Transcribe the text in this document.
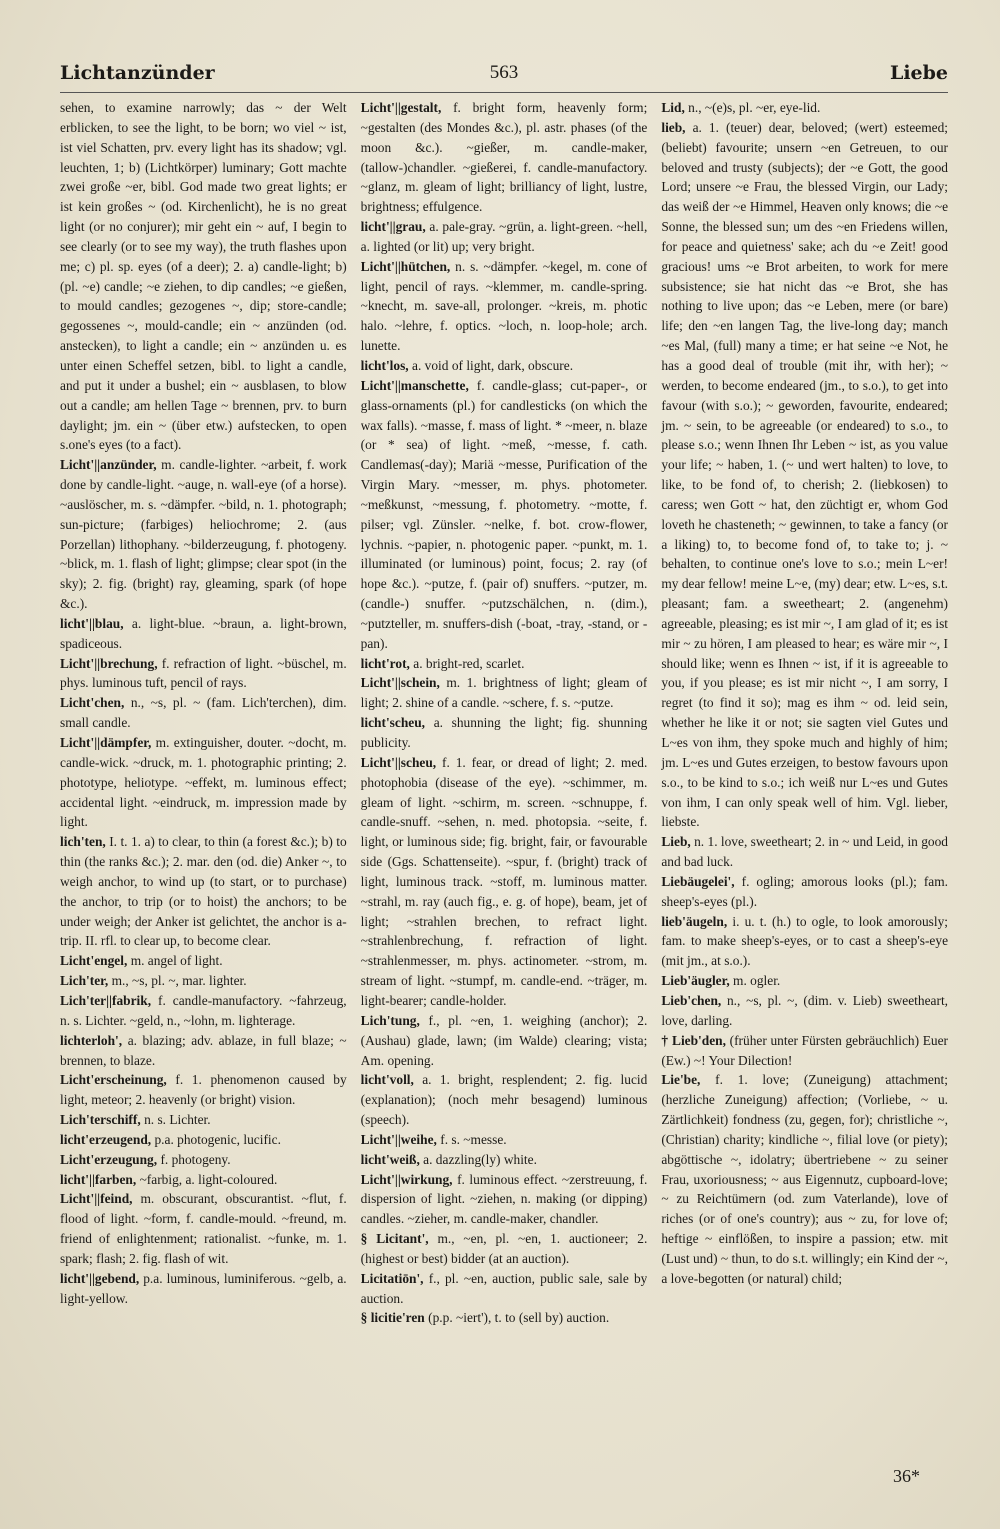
Lichtanzünder	563	Liebe

sehen, to examine narrowly; das ~ der Welt erblicken, to see the light, to be born; wo viel ~ ist, ist viel Schatten, prv. every light has its shadow; vgl. leuchten, 1; b) (Lichtkörper) luminary; Gott machte zwei große ~er, bibl. God made two great lights; er ist kein großes ~ (od. Kirchenlicht), he is no great light (or no conjurer); mir geht ein ~ auf, I begin to see clearly (or to see my way), the truth flashes upon me; c) pl. sp. eyes (of a deer); 2. a) candle-light; b) (pl. ~e) candle; ~e ziehen, to dip candles; ~e gießen, to mould candles; gezogenes ~, dip; store-candle; gegossenes ~, mould-candle; ein ~ anzünden (od. anstecken), to light a candle; ein ~ anzünden u. es unter einen Scheffel setzen, bibl. to light a candle, and put it under a bushel; ein ~ ausblasen, to blow out a candle; am hellen Tage ~ brennen, prv. to burn daylight; jm. ein ~ (über etw.) aufstecken, to open s.one's eyes (to a fact).

Licht'||anzünder, m. candle-lighter. ~arbeit, f. work done by candle-light. ~auge, n. wall-eye (of a horse). ~auslöscher, m. s. ~dämpfer. ~bild, n. 1. photograph; sun-picture; (farbiges) heliochrome; 2. (aus Porzellan) lithophany. ~bilderzeugung, f. photogeny. ~blick, m. 1. flash of light; glimpse; clear spot (in the sky); 2. fig. (bright) ray, gleaming, spark (of hope &c.).

licht'||blau, a. light-blue. ~braun, a. light-brown, spadiceous.

Licht'||brechung, f. refraction of light. ~büschel, m. phys. luminous tuft, pencil of rays.

Licht'chen, n., ~s, pl. ~ (fam. Lich'terchen), dim. small candle.

Licht'||dämpfer, m. extinguisher, douter. ~docht, m. candle-wick. ~druck, m. 1. photographic printing; 2. phototype, heliotype. ~effekt, m. luminous effect; accidental light. ~eindruck, m. impression made by light.

lich'ten, I. t. 1. a) to clear, to thin (a forest &c.); b) to thin (the ranks &c.); 2. mar. den (od. die) Anker ~, to weigh anchor, to wind up (to start, or to purchase) the anchor, to trip (or to hoist) the anchors; to be under weigh; der Anker ist gelichtet, the anchor is a-trip. II. rfl. to clear up, to become clear.

Licht'engel, m. angel of light.

Lich'ter, m., ~s, pl. ~, mar. lighter.

Lich'ter||fabrik, f. candle-manufactory. ~fahrzeug, n. s. Lichter. ~geld, n., ~lohn, m. lighterage.

lichterloh', a. blazing; adv. ablaze, in full blaze; ~ brennen, to blaze.

Licht'erscheinung, f. 1. phenomenon caused by light, meteor; 2. heavenly (or bright) vision.

Lich'terschiff, n. s. Lichter.

licht'erzeugend, p.a. photogenic, lucific.

Licht'erzeugung, f. photogeny.

licht'||farben, ~farbig, a. light-coloured.

Licht'||feind, m. obscurant, obscurantist. ~flut, f. flood of light. ~form, f. candle-mould. ~freund, m. friend of enlightenment; rationalist. ~funke, m. 1. spark; flash; 2. fig. flash of wit.

licht'||gebend, p.a. luminous, luminiferous. ~gelb, a. light-yellow.

Licht'||gestalt, f. bright form, heavenly form; ~gestalten (des Mondes &c.), pl. astr. phases (of the moon &c.). ~gießer, m. candle-maker, (tallow-)chandler. ~gießerei, f. candle-manufactory. ~glanz, m. gleam of light; brilliancy of light, lustre, brightness; effulgence.

licht'||grau, a. pale-gray. ~grün, a. light-green. ~hell, a. lighted (or lit) up; very bright.

Licht'||hütchen, n. s. ~dämpfer. ~kegel, m. cone of light, pencil of rays. ~klemmer, m. candle-spring. ~knecht, m. save-all, prolonger. ~kreis, m. photic halo. ~lehre, f. optics. ~loch, n. loop-hole; arch. lunette.

licht'los, a. void of light, dark, obscure.

Licht'||manschette, f. candle-glass; cut-paper-, or glass-ornaments (pl.) for candlesticks (on which the wax falls). ~masse, f. mass of light. * ~meer, n. blaze (or * sea) of light. ~meß, ~messe, f. cath. Candlemas(-day); Mariä ~messe, Purification of the Virgin Mary. ~messer, m. phys. photometer. ~meßkunst, ~messung, f. photometry. ~motte, f. pilser; vgl. Zünsler. ~nelke, f. bot. crow-flower, lychnis. ~papier, n. photogenic paper. ~punkt, m. 1. illuminated (or luminous) point, focus; 2. ray (of hope &c.). ~putze, f. (pair of) snuffers. ~putzer, m. (candle-) snuffer. ~putzschälchen, n. (dim.), ~putzteller, m. snuffers-dish (-boat, -tray, -stand, or -pan).

licht'rot, a. bright-red, scarlet.

Licht'||schein, m. 1. brightness of light; gleam of light; 2. shine of a candle. ~schere, f. s. ~putze.

licht'scheu, a. shunning the light; fig. shunning publicity.

Licht'||scheu, f. 1. fear, or dread of light; 2. med. photophobia (disease of the eye). ~schimmer, m. gleam of light. ~schirm, m. screen. ~schnuppe, f. candle-snuff. ~sehen, n. med. photopsia. ~seite, f. light, or luminous side; fig. bright, fair, or favourable side (Ggs. Schattenseite). ~spur, f. (bright) track of light, luminous track. ~stoff, m. luminous matter. ~strahl, m. ray (auch fig., e. g. of hope), beam, jet of light; ~strahlen brechen, to refract light. ~strahlenbrechung, f. refraction of light. ~strahlenmesser, m. phys. actinometer. ~strom, m. stream of light. ~stumpf, m. candle-end. ~träger, m. light-bearer; candle-holder.

Lich'tung, f., pl. ~en, 1. weighing (anchor); 2. (Aushau) glade, lawn; (im Walde) clearing; vista; Am. opening.

licht'voll, a. 1. bright, resplendent; 2. fig. lucid (explanation); (noch mehr besagend) luminous (speech).

Licht'||weihe, f. s. ~messe.

licht'weiß, a. dazzling(ly) white.

Licht'||wirkung, f. luminous effect. ~zerstreuung, f. dispersion of light. ~ziehen, n. making (or dipping) candles. ~zieher, m. candle-maker, chandler.

§ Licitant', m., ~en, pl. ~en, 1. auctioneer; 2. (highest or best) bidder (at an auction).

Licitatiōn', f., pl. ~en, auction, public sale, sale by auction.

§ licitie'ren (p.p. ~iert'), t. to (sell by) auction.

Lid, n., ~(e)s, pl. ~er, eye-lid.

lieb, a. 1. (teuer) dear, beloved; (wert) esteemed; (beliebt) favourite; unsern ~en Getreuen, to our beloved and trusty (subjects); der ~e Gott, the good Lord; unsere ~e Frau, the blessed Virgin, our Lady; das weiß der ~e Himmel, Heaven only knows; die ~e Sonne, the blessed sun; um des ~en Friedens willen, for peace and quietness' sake; ach du ~e Zeit! good gracious! ums ~e Brot arbeiten, to work for mere subsistence; sie hat nicht das ~e Brot, she has nothing to live upon; das ~e Leben, mere (or bare) life; den ~en langen Tag, the live-long day; manch ~es Mal, (full) many a time; er hat seine ~e Not, he has a good deal of trouble (mit ihr, with her); ~ werden, to become endeared (jm., to s.o.), to get into favour (with s.o.); ~ geworden, favourite, endeared; jm. ~ sein, to be agreeable (or endeared) to s.o., to please s.o.; wenn Ihnen Ihr Leben ~ ist, as you value your life; ~ haben, 1. (~ und wert halten) to love, to like, to be fond of, to cherish; 2. (liebkosen) to caress; wen Gott ~ hat, den züchtigt er, whom God loveth he chasteneth; ~ gewinnen, to take a fancy (or a liking) to, to become fond of, to take to; j. ~ behalten, to continue one's love to s.o.; mein L~er! my dear fellow! meine L~e, (my) dear; etw. L~es, s.t. pleasant; fam. a sweetheart; 2. (angenehm) agreeable, pleasing; es ist mir ~, I am glad of it; es ist mir ~ zu hören, I am pleased to hear; es wäre mir ~, I should like; wenn es Ihnen ~ ist, if it is agreeable to you, if you please; es ist mir nicht ~, I am sorry, I regret (to find it so); mag es ihm ~ od. leid sein, whether he like it or not; sie sagten viel Gutes und L~es von ihm, they spoke much and highly of him; jm. L~es und Gutes erzeigen, to bestow favours upon s.o., to be kind to s.o.; ich weiß nur L~es und Gutes von ihm, I can only speak well of him. Vgl. lieber, liebste.

Lieb, n. 1. love, sweetheart; 2. in ~ und Leid, in good and bad luck.

Liebäugelei', f. ogling; amorous looks (pl.); fam. sheep's-eyes (pl.).

lieb'äugeln, i. u. t. (h.) to ogle, to look amorously; fam. to make sheep's-eyes, or to cast a sheep's-eye (mit jm., at s.o.).

Lieb'äugler, m. ogler.

Lieb'chen, n., ~s, pl. ~, (dim. v. Lieb) sweetheart, love, darling.

† Lieb'den, (früher unter Fürsten gebräuchlich) Euer (Ew.) ~! Your Dilection!

Lie'be, f. 1. love; (Zuneigung) attachment; (herzliche Zuneigung) affection; (Vorliebe, ~ u. Zärtlichkeit) fondness (zu, gegen, for); christliche ~, (Christian) charity; kindliche ~, filial love (or piety); abgöttische ~, idolatry; übertriebene ~ zu seiner Frau, uxoriousness; ~ aus Eigennutz, cupboard-love; ~ zu Reichtümern (od. zum Vaterlande), love of riches (or of one's country); aus ~ zu, for love of; heftige ~ einflößen, to inspire a passion; etw. mit (Lust und) ~ thun, to do s.t. willingly; ein Kind der ~, a love-begotten (or natural) child;

36*
